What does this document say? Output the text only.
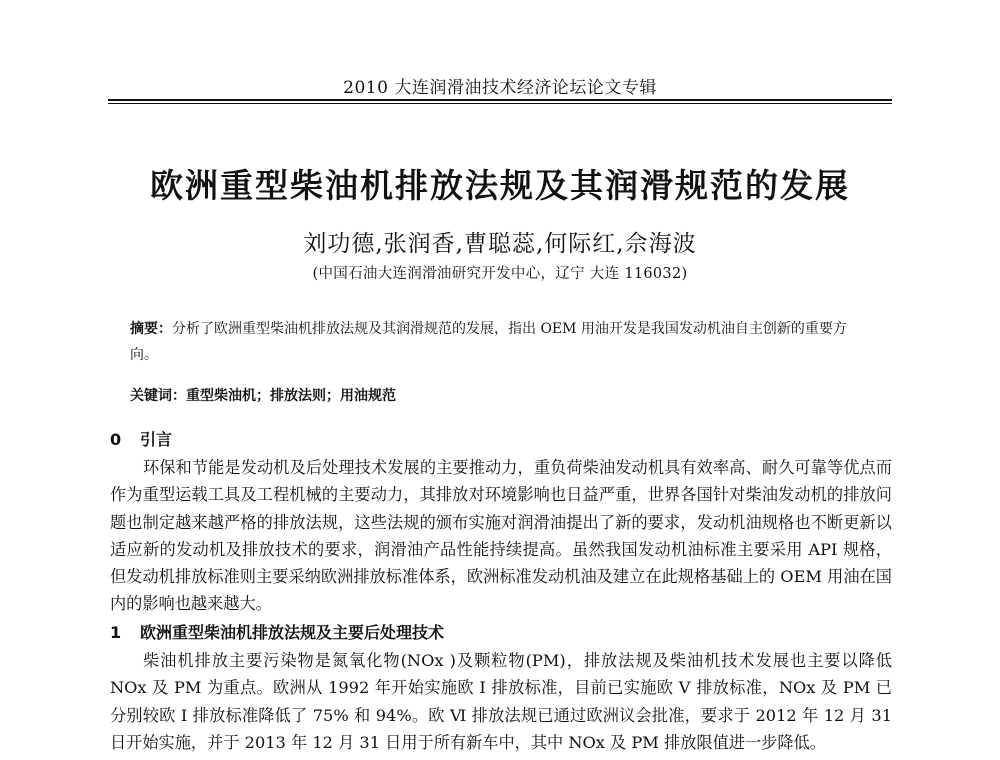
2010 大连润滑油技术经济论坛论文专辑
欧洲重型柴油机排放法规及其润滑规范的发展
刘功德,张润香,曹聪蕊,何际红,佘海波
(中国石油大连润滑油研究开发中心，辽宁 大连 116032)
摘要：分析了欧洲重型柴油机排放法规及其润滑规范的发展，指出 OEM 用油开发是我国发动机油自主创新的重要方向。
关键词：重型柴油机；排放法则；用油规范
0 引言
环保和节能是发动机及后处理技术发展的主要推动力，重负荷柴油发动机具有效率高、耐久可靠等优点而作为重型运载工具及工程机械的主要动力，其排放对环境影响也日益严重，世界各国针对柴油发动机的排放问题也制定越来越严格的排放法规，这些法规的颁布实施对润滑油提出了新的要求，发动机油规格也不断更新以适应新的发动机及排放技术的要求，润滑油产品性能持续提高。虽然我国发动机油标准主要采用 API 规格，但发动机排放标准则主要采纳欧洲排放标准体系，欧洲标准发动机油及建立在此规格基础上的 OEM 用油在国内的影响也越来越大。
1 欧洲重型柴油机排放法规及主要后处理技术
柴油机排放主要污染物是氮氧化物(NOx )及颗粒物(PM)，排放法规及柴油机技术发展也主要以降低 NOx 及 PM 为重点。欧洲从 1992 年开始实施欧 Ⅰ 排放标准，目前已实施欧 Ⅴ 排放标准，NOx 及 PM 已分别较欧 Ⅰ 排放标准降低了 75% 和 94%。欧 Ⅵ 排放法规已通过欧洲议会批准，要求于 2012 年 12 月 31 日开始实施，并于 2013 年 12 月 31 日用于所有新车中，其中 NOx 及 PM 排放限值进一步降低。
